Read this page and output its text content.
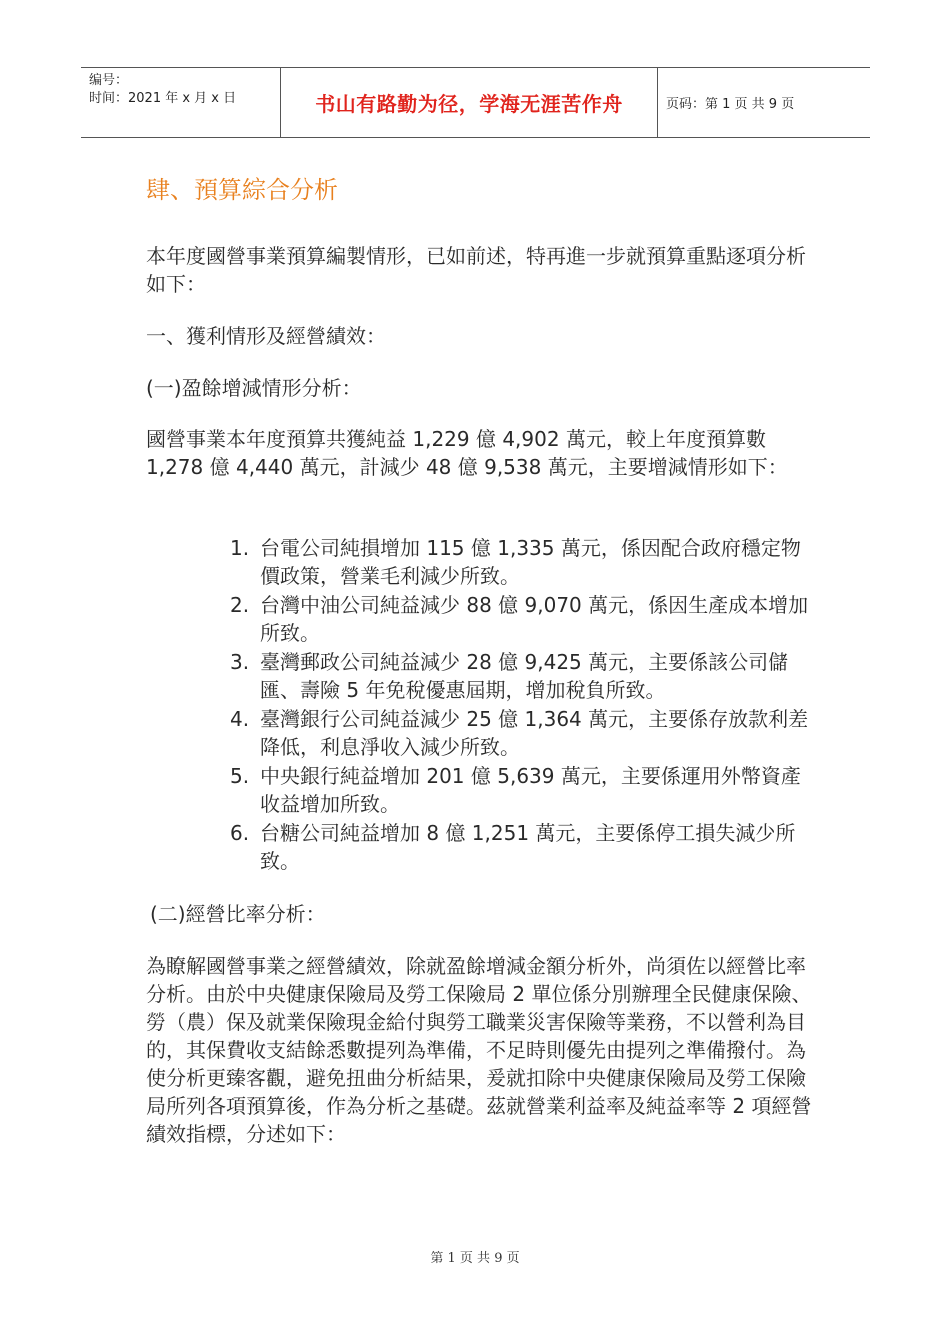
编号：
时间：2021 年 x 月 x 日	书山有路勤为径，学海无涯苦作舟	页码：第 1 页 共 9 页
肆、預算綜合分析

本年度國營事業預算編製情形，已如前述，特再進一步就預算重點逐項分析如下：

一、獲利情形及經營績效：

(一)盈餘增減情形分析：

國營事業本年度預算共獲純益 1,229 億 4,902 萬元，較上年度預算數 1,278 億 4,440 萬元，計減少 48 億 9,538 萬元，主要增減情形如下：

1. 台電公司純損增加 115 億 1,335 萬元，係因配合政府穩定物價政策，營業毛利減少所致。
2. 台灣中油公司純益減少 88 億 9,070 萬元，係因生產成本增加所致。
3. 臺灣郵政公司純益減少 28 億 9,425 萬元，主要係該公司儲匯、壽險 5 年免稅優惠屆期，增加稅負所致。
4. 臺灣銀行公司純益減少 25 億 1,364 萬元，主要係存放款利差降低，利息淨收入減少所致。
5. 中央銀行純益增加 201 億 5,639 萬元，主要係運用外幣資產收益增加所致。
6. 台糖公司純益增加 8 億 1,251 萬元，主要係停工損失減少所致。

(二)經營比率分析：

為瞭解國營事業之經營績效，除就盈餘增減金額分析外，尚須佐以經營比率分析。由於中央健康保險局及勞工保險局 2 單位係分別辦理全民健康保險、勞（農）保及就業保險現金給付與勞工職業災害保險等業務，不以營利為目的，其保費收支結餘悉數提列為準備，不足時則優先由提列之準備撥付。為使分析更臻客觀，避免扭曲分析結果，爰就扣除中央健康保險局及勞工保險局所列各項預算後，作為分析之基礎。茲就營業利益率及純益率等 2 項經營績效指標，分述如下：

第 1 页 共 9 页
